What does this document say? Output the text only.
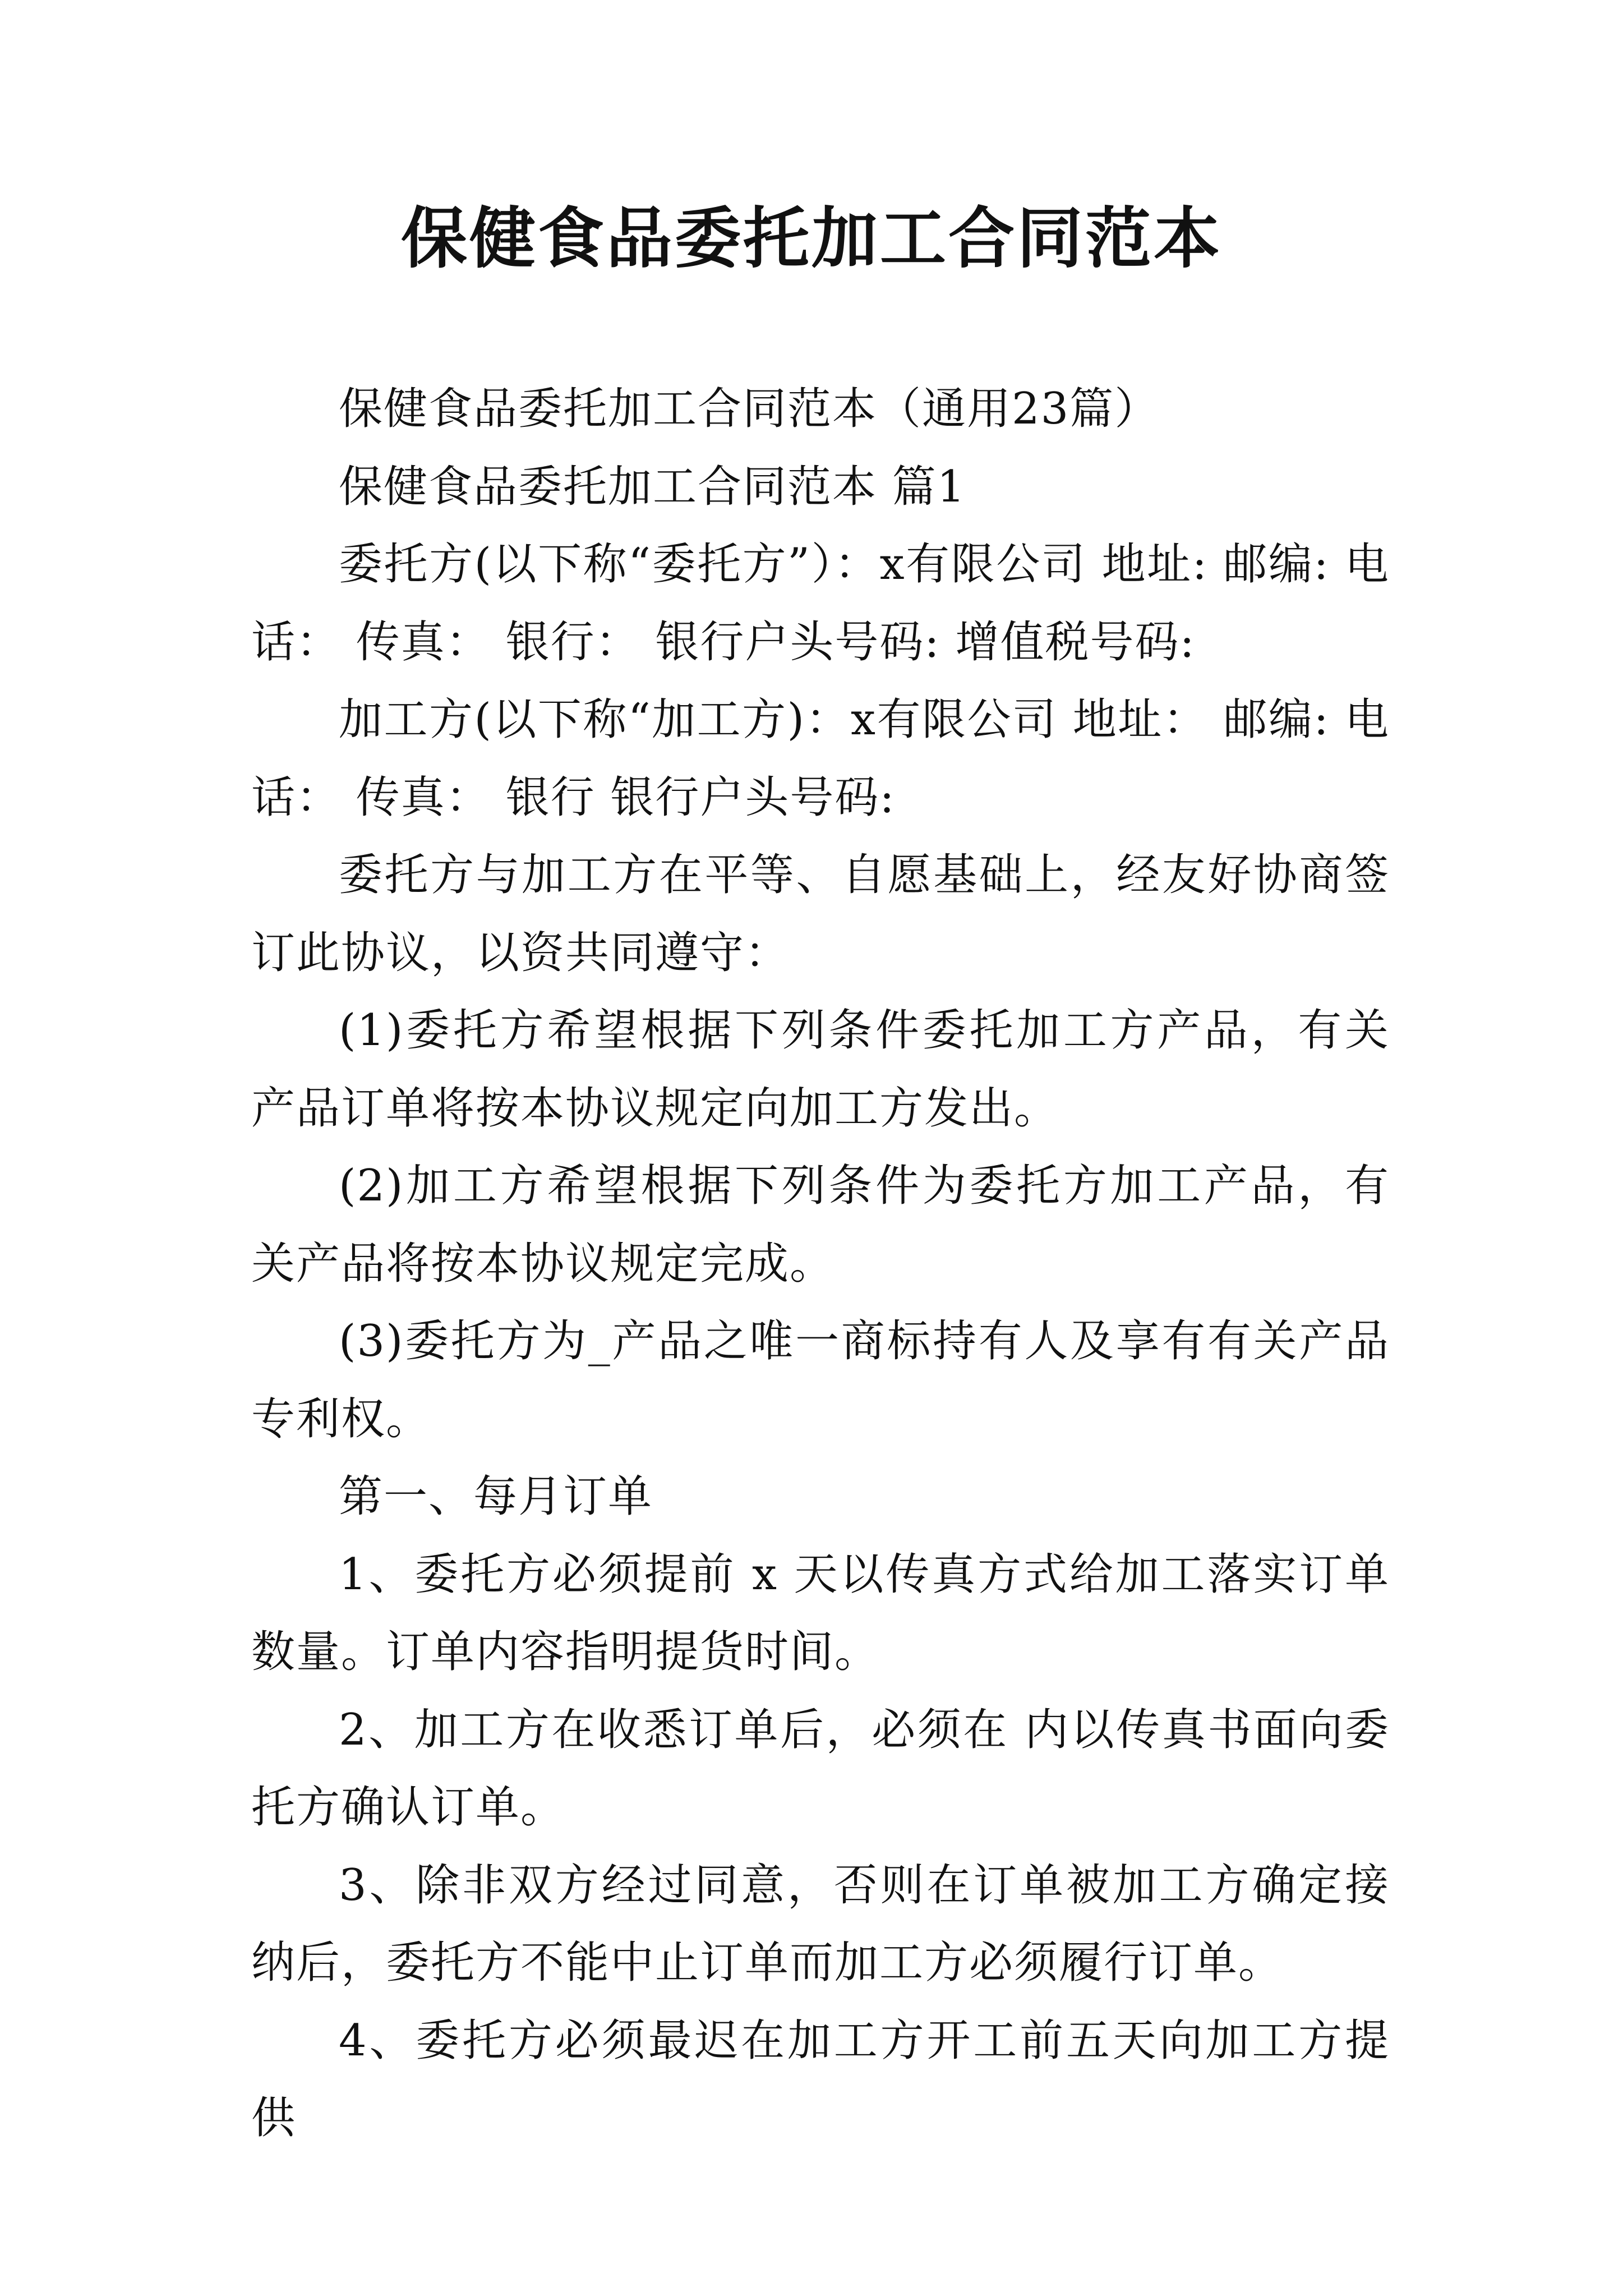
保健食品委托加工合同范本

保健食品委托加工合同范本（通用23篇）

保健食品委托加工合同范本 篇1

委托方(以下称“委托方”）：x有限公司 地址: 邮编: 电话： 传真： 银行： 银行户头号码: 增值税号码:

加工方(以下称“加工方)：x有限公司 地址： 邮编: 电话： 传真： 银行 银行户头号码:

委托方与加工方在平等、自愿基础上，经友好协商签订此协议，以资共同遵守：

(1)委托方希望根据下列条件委托加工方产品，有关产品订单将按本协议规定向加工方发出。

(2)加工方希望根据下列条件为委托方加工产品，有关产品将按本协议规定完成。

(3)委托方为_产品之唯一商标持有人及享有有关产品专利权。

第一、每月订单

1、委托方必须提前 x 天以传真方式给加工落实订单数量。订单内容指明提货时间。

2、加工方在收悉订单后，必须在 内以传真书面向委托方确认订单。

3、除非双方经过同意，否则在订单被加工方确定接纳后，委托方不能中止订单而加工方必须履行订单。

4、委托方必须最迟在加工方开工前五天向加工方提供
